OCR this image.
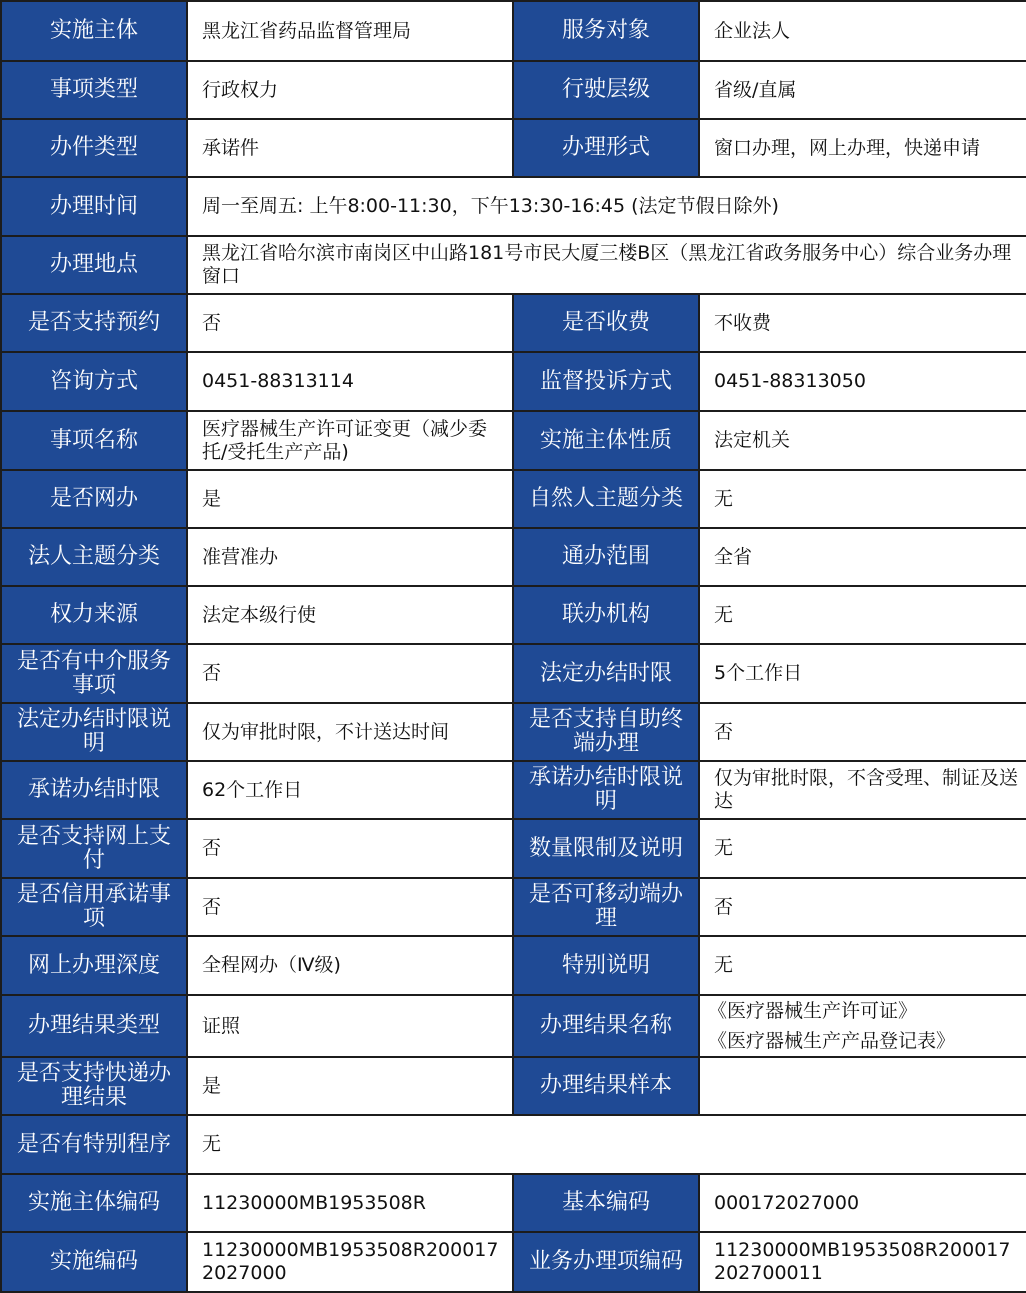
实施主体	黑龙江省药品监督管理局	服务对象	企业法人
事项类型	行政权力	行驶层级	省级/直属
办件类型	承诺件	办理形式	窗口办理，网上办理，快递申请
办理时间	周一至周五: 上午8:00-11:30，下午13:30-16:45 (法定节假日除外)		
办理地点	黑龙江省哈尔滨市南岗区中山路181号市民大厦三楼B区（黑龙江省政务服务中心）综合业务办理窗口		
是否支持预约	否	是否收费	不收费
咨询方式	0451-88313114	监督投诉方式	0451-88313050
事项名称	医疗器械生产许可证变更（减少委托/受托生产产品)	实施主体性质	法定机关
是否网办	是	自然人主题分类	无
法人主题分类	准营准办	通办范围	全省
权力来源	法定本级行使	联办机构	无
是否有中介服务事项	否	法定办结时限	5个工作日
法定办结时限说明	仅为审批时限，不计送达时间	是否支持自助终端办理	否
承诺办结时限	62个工作日	承诺办结时限说明	仅为审批时限，不含受理、制证及送达
是否支持网上支付	否	数量限制及说明	无
是否信用承诺事项	否	是否可移动端办理	否
网上办理深度	全程网办（Ⅳ级)	特别说明	无
办理结果类型	证照	办理结果名称	《医疗器械生产许可证》
《医疗器械生产产品登记表》

是否支持快递办理结果	是	办理结果样本	
是否有特别程序	无		
实施主体编码	11230000MB1953508R	基本编码	000172027000
实施编码	11230000MB1953508R2000172027000	业务办理项编码	11230000MB1953508R200017202700011
